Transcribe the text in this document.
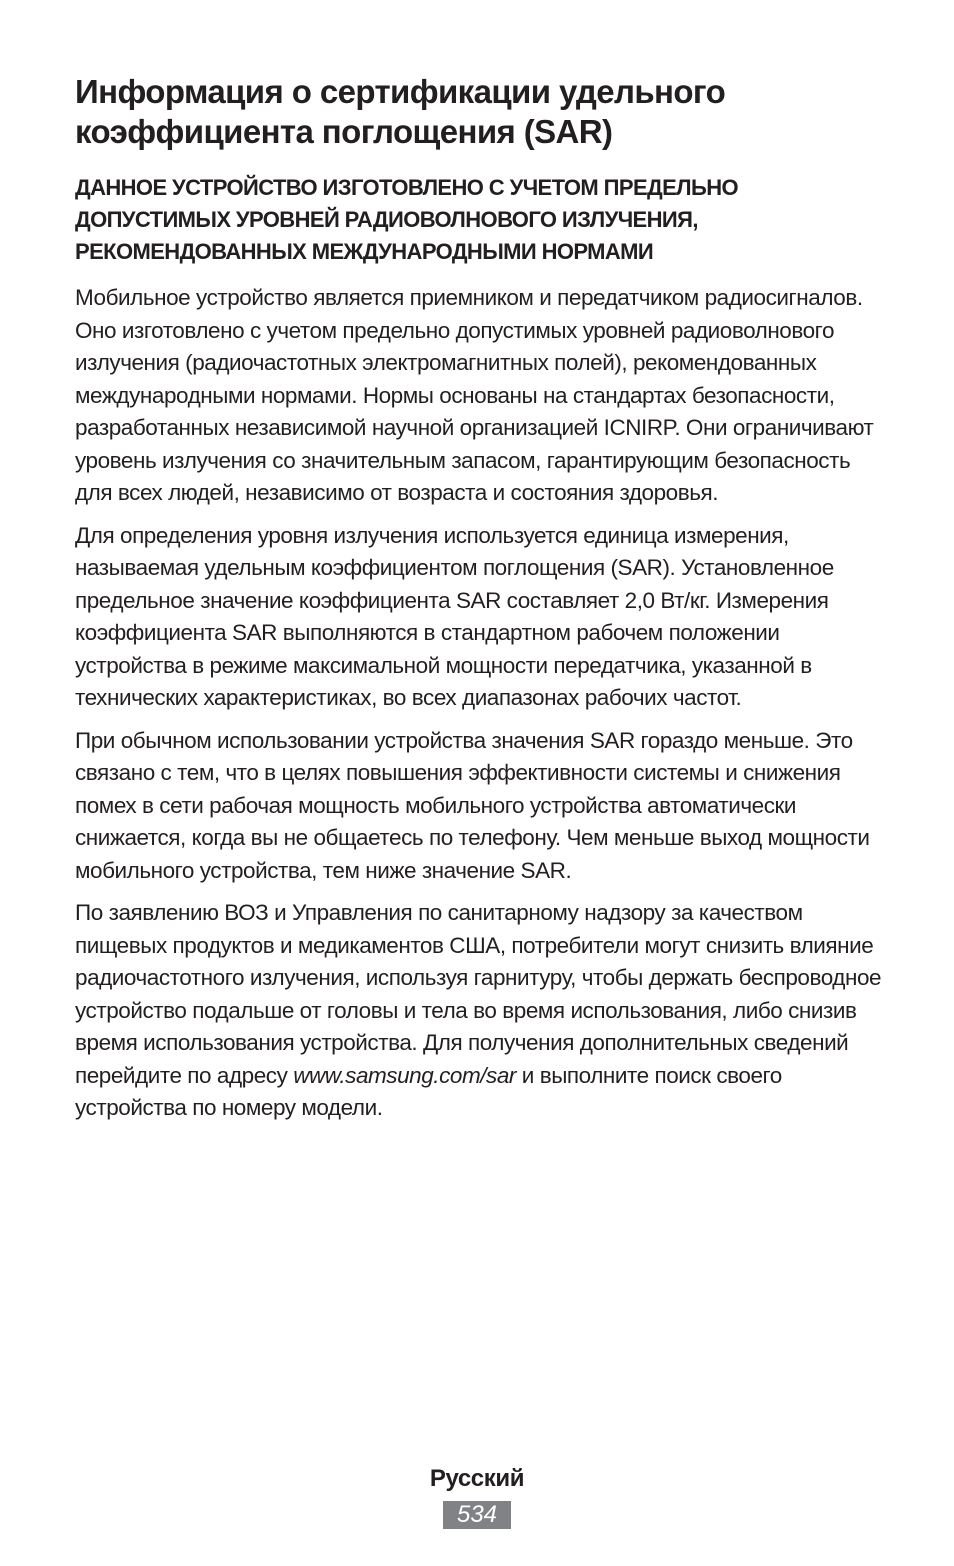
Информация о сертификации удельного коэффициента поглощения (SAR)
ДАННОЕ УСТРОЙСТВО ИЗГОТОВЛЕНО С УЧЕТОМ ПРЕДЕЛЬНО ДОПУСТИМЫХ УРОВНЕЙ РАДИОВОЛНОВОГО ИЗЛУЧЕНИЯ, РЕКОМЕНДОВАННЫХ МЕЖДУНАРОДНЫМИ НОРМАМИ

Мобильное устройство является приемником и передатчиком радиосигналов. Оно изготовлено с учетом предельно допустимых уровней радиоволнового излучения (радиочастотных электромагнитных полей), рекомендованных международными нормами. Нормы основаны на стандартах безопасности, разработанных независимой научной организацией ICNIRP. Они ограничивают уровень излучения со значительным запасом, гарантирующим безопасность для всех людей, независимо от возраста и состояния здоровья.

Для определения уровня излучения используется единица измерения, называемая удельным коэффициентом поглощения (SAR). Установленное предельное значение коэффициента SAR составляет 2,0 Вт/кг. Измерения коэффициента SAR выполняются в стандартном рабочем положении устройства в режиме максимальной мощности передатчика, указанной в технических характеристиках, во всех диапазонах рабочих частот.

При обычном использовании устройства значения SAR гораздо меньше. Это связано с тем, что в целях повышения эффективности системы и снижения помех в сети рабочая мощность мобильного устройства автоматически снижается, когда вы не общаетесь по телефону. Чем меньше выход мощности мобильного устройства, тем ниже значение SAR.

По заявлению ВОЗ и Управления по санитарному надзору за качеством пищевых продуктов и медикаментов США, потребители могут снизить влияние радиочастотного излучения, используя гарнитуру, чтобы держать беспроводное устройство подальше от головы и тела во время использования, либо снизив время использования устройства. Для получения дополнительных сведений перейдите по адресу www.samsung.com/sar и выполните поиск своего устройства по номеру модели.

Русский
534
